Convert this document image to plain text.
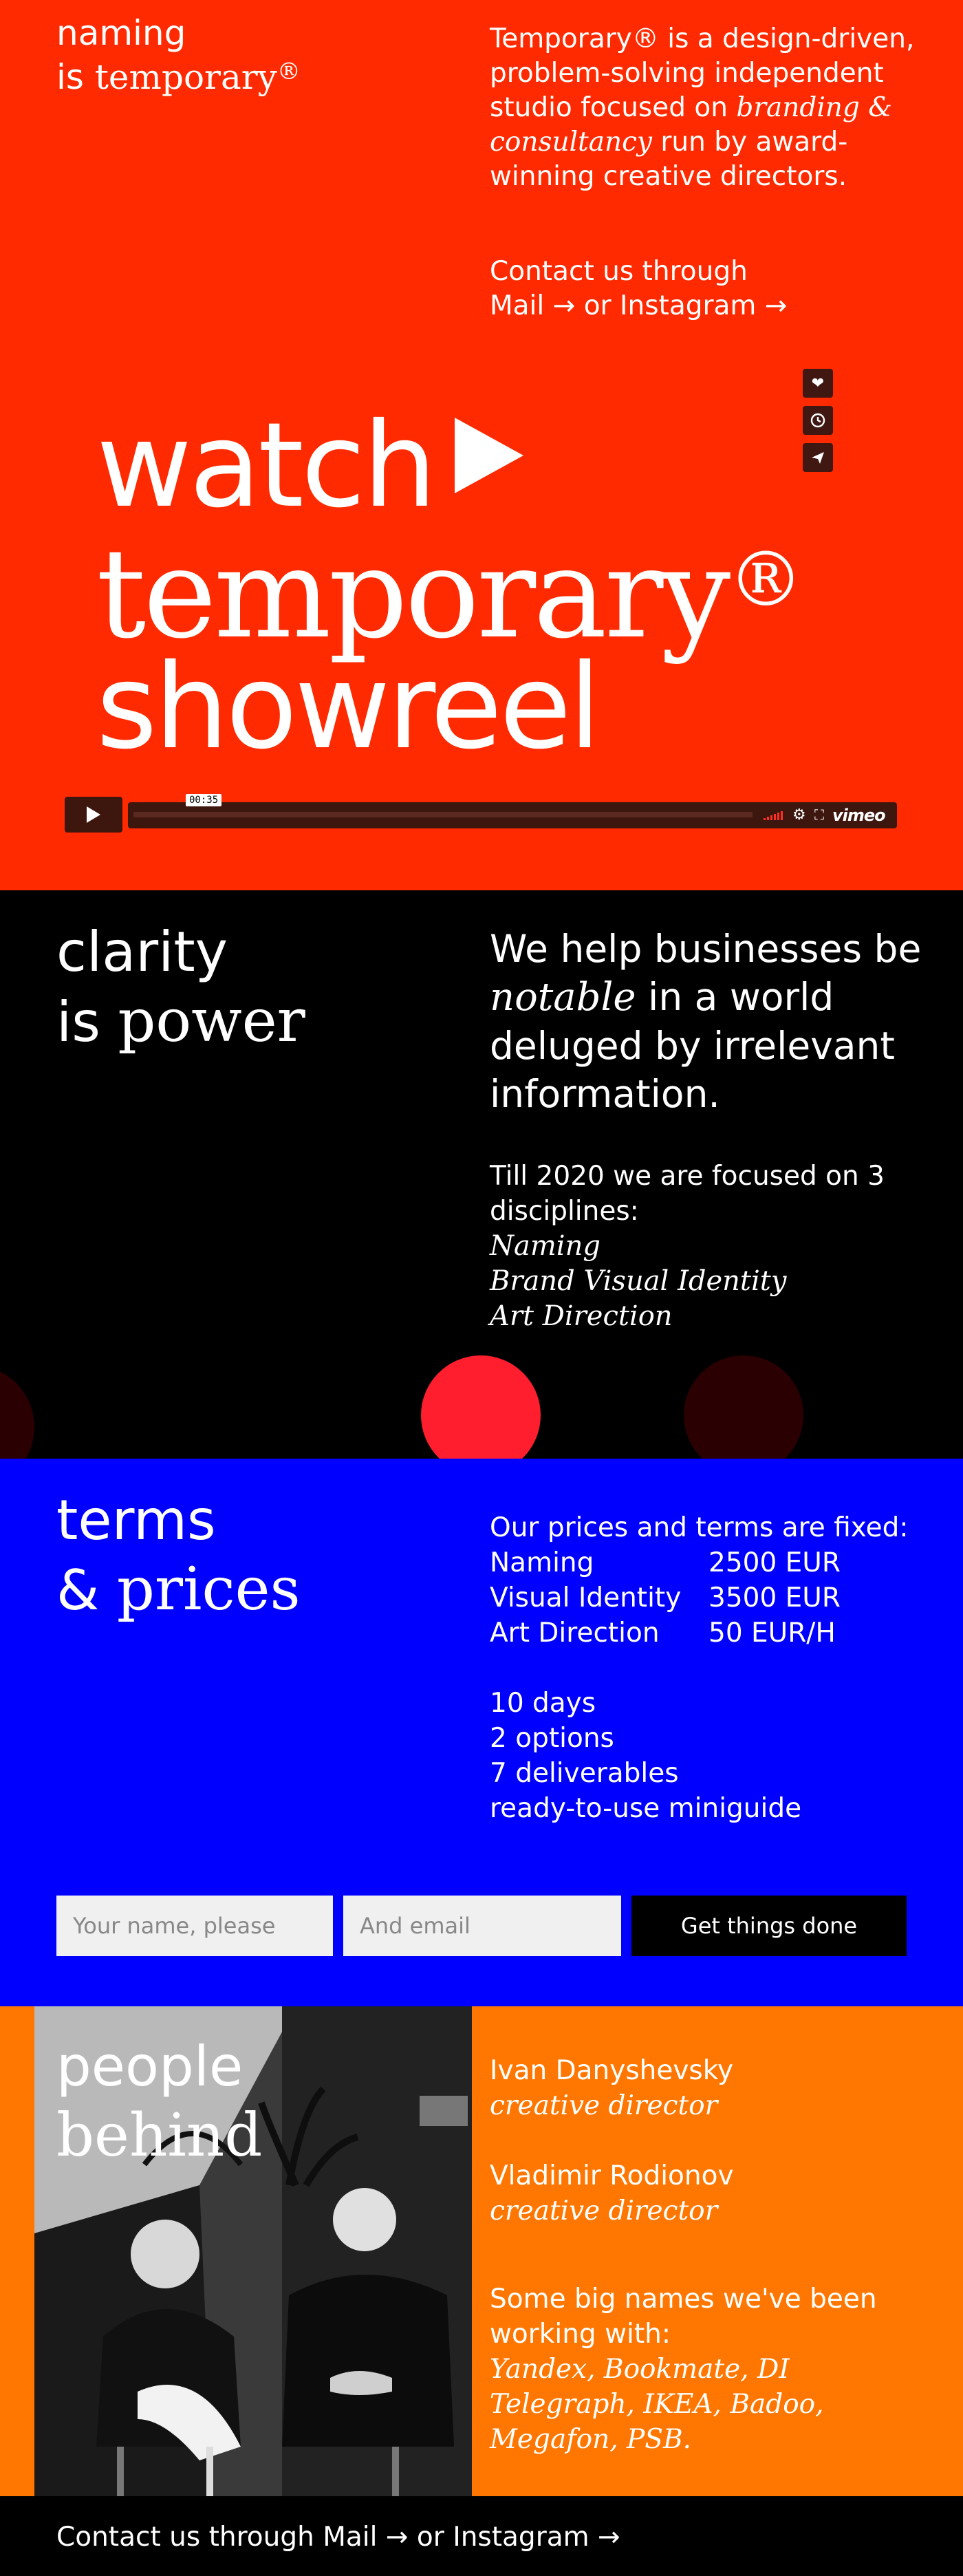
naming
is temporary®

Temporary® is a design-driven, problem-solving independent studio focused on branding & consultancy run by award-winning creative directors.

Contact us through
Mail → or Instagram →
watch
temporary®
showreel
❤
00:35
⚙ ⛶ vimeo
clarity
is power

We help businesses be notable in a world deluged by irrelevant information.

Till 2020 we are focused on 3 disciplines:
Naming
Brand Visual Identity
Art Direction
terms
& prices
Our prices and terms are fixed:
Naming	2500 EUR
Visual Identity	3500 EUR
Art Direction	50 EUR/H
10 days
2 options
7 deliverables
ready-to-use miniguide
Your name, please
And email
Get things done
people
behind
Ivan Danyshevsky
creative director
Vladimir Rodionov
creative director
Some big names we've been working with:
Yandex, Bookmate, DI Telegraph, IKEA, Badoo, Megafon, PSB.
Contact us through Mail → or Instagram →
